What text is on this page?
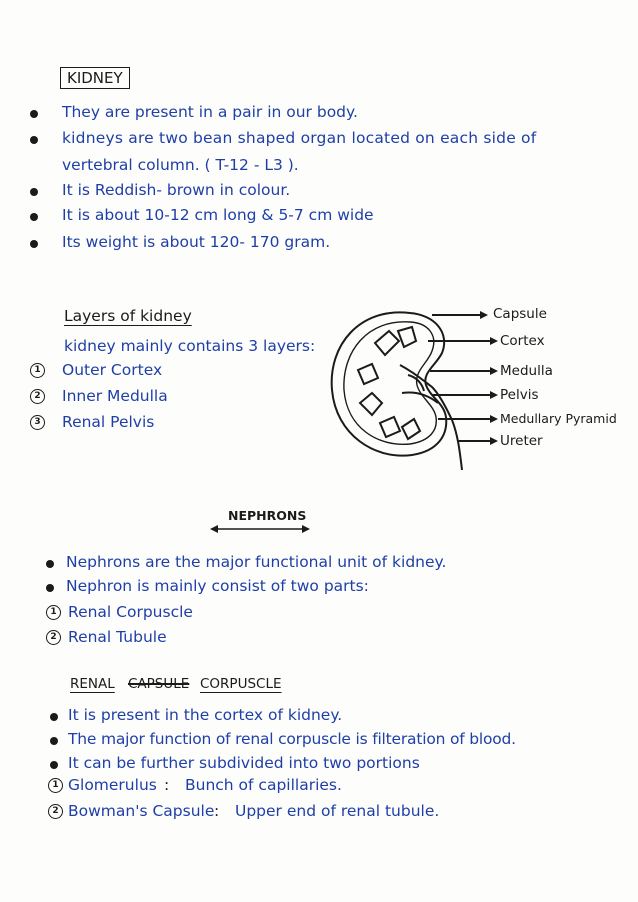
KIDNEY
They are present in a pair in our body.
kidneys are two bean shaped organ located on each side of
vertebral column. ( T-12 - L3 ).
It is Reddish- brown in colour.
It is about 10-12 cm long & 5-7 cm wide
Its weight is about 120- 170 gram.
Layers of kidney
kidney mainly contains 3 layers:
1 Outer Cortex
2 Inner Medulla
3 Renal Pelvis
Capsule
Cortex
Medulla
Pelvis
Medullary Pyramid
Ureter
NEPHRONS
Nephrons are the major functional unit of kidney.
Nephron is mainly consist of two parts:
1 Renal Corpuscle
2 Renal Tubule
RENAL CAPSULE CORPUSCLE
It is present in the cortex of kidney.
The major function of renal corpuscle is filteration of blood.
It can be further subdivided into two portions
1 Glomerulus : Bunch of capillaries.
2 Bowman's Capsule : Upper end of renal tubule.
